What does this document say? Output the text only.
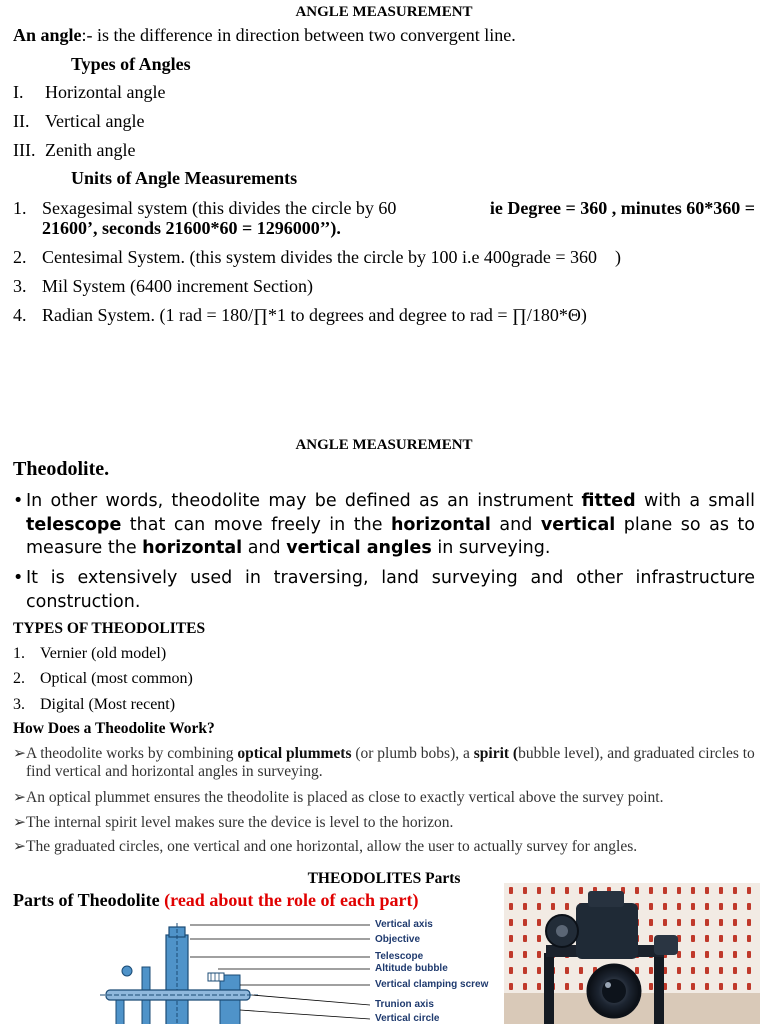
ANGLE MEASUREMENT
An angle:- is the difference in direction between two convergent line.
Types of Angles
I. Horizontal angle
II. Vertical angle
III. Zenith angle
Units of Angle Measurements
1. Sexagesimal system (this divides the circle by 60	ie Degree = 360 , minutes 60*360 =
21600’, seconds 21600*60 = 1296000’’).
2. Centesimal System. (this system divides the circle by 100 i.e 400grade = 360    )
3. Mil System (6400 increment Section)
4. Radian System. (1 rad = 180/∏*1 to degrees and degree to rad = ∏/180*Θ)
ANGLE MEASUREMENT
Theodolite.
• In other words, theodolite may be defined as an instrument fitted with a small telescope that can move freely in the horizontal and vertical plane so as to measure the horizontal and vertical angles in surveying.
• It is extensively used in traversing, land surveying and other infrastructure construction.
TYPES OF THEODOLITES
1. Vernier (old model)
2. Optical (most common)
3. Digital (Most recent)
How Does a Theodolite Work?
➢ A theodolite works by combining optical plummets (or plumb bobs), a spirit (bubble level), and graduated circles to find vertical and horizontal angles in surveying.
➢ An optical plummet ensures the theodolite is placed as close to exactly vertical above the survey point.
➢ The internal spirit level makes sure the device is level to the horizon.
➢ The graduated circles, one vertical and one horizontal, allow the user to actually survey for angles.
THEODOLITES Parts
Parts of Theodolite (read about the role of each part)
Vertical axis
Objective
Telescope
Altitude bubble
Vertical clamping screw
Trunion axis
Vertical circle
